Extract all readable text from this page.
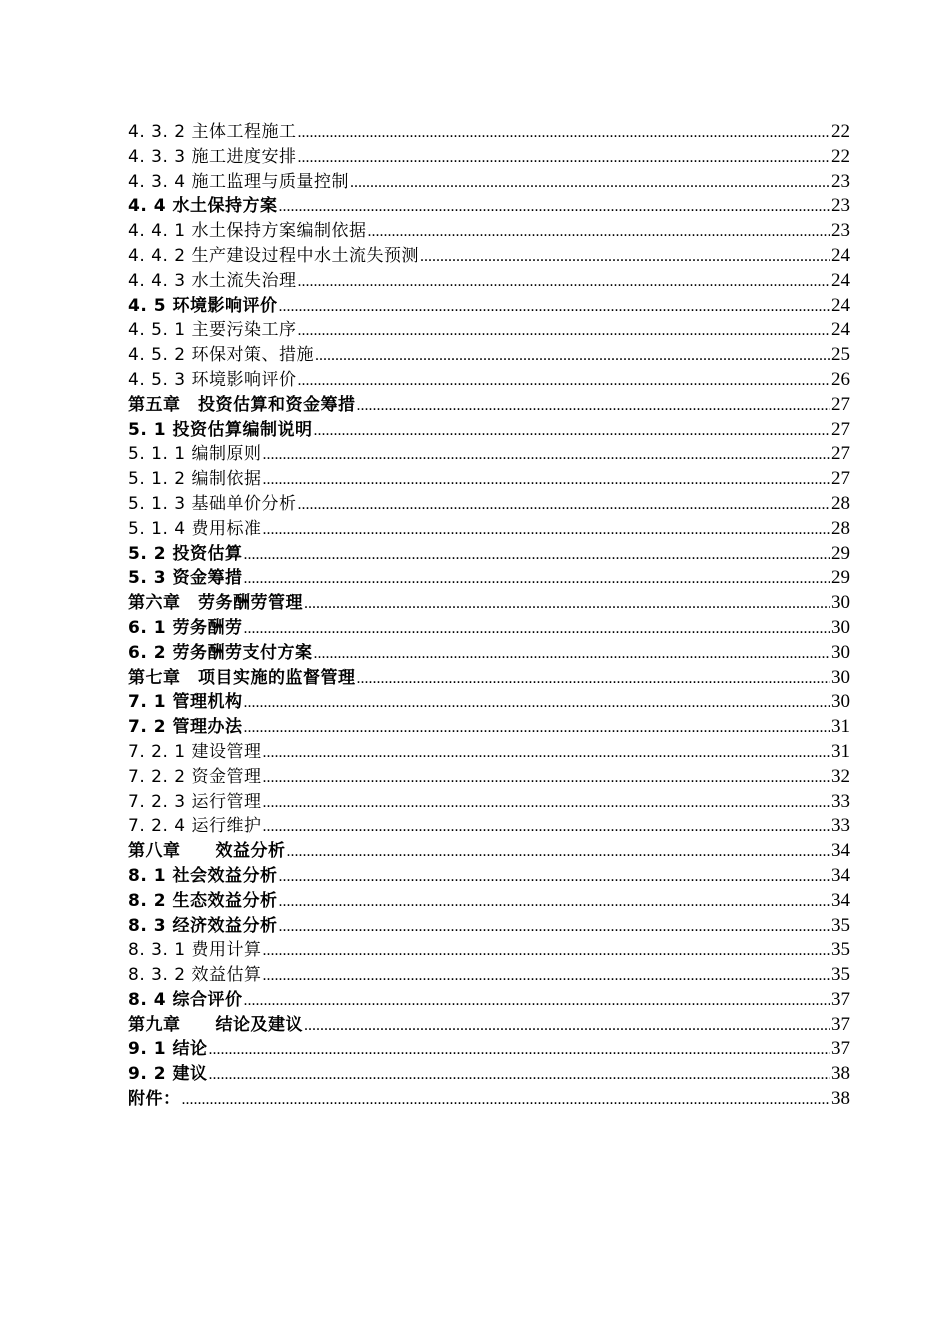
4. 3. 2 主体工程施工 .....	22
4. 3. 3 施工进度安排 .....	22
4. 3. 4 施工监理与质量控制 .....	23
4. 4 水土保持方案 .....	23
4. 4. 1 水土保持方案编制依据 .....	23
4. 4. 2 生产建设过程中水土流失预测 .....	24
4. 4. 3 水土流失治理 .....	24
4. 5 环境影响评价 .....	24
4. 5. 1 主要污染工序 .....	24
4. 5. 2 环保对策、措施 .....	25
4. 5. 3 环境影响评价 .....	26
第五章　投资估算和资金筹措 .....	27
5. 1 投资估算编制说明 .....	27
5. 1. 1 编制原则 .....	27
5. 1. 2 编制依据 .....	27
5. 1. 3 基础单价分析 .....	28
5. 1. 4 费用标准 .....	28
5. 2 投资估算 .....	29
5. 3 资金筹措 .....	29
第六章　劳务酬劳管理 .....	30
6. 1 劳务酬劳 .....	30
6. 2 劳务酬劳支付方案 .....	30
第七章　项目实施的监督管理 .....	30
7. 1 管理机构 .....	30
7. 2 管理办法 .....	31
7. 2. 1 建设管理 .....	31
7. 2. 2 资金管理 .....	32
7. 2. 3 运行管理 .....	33
7. 2. 4 运行维护 .....	33
第八章　　效益分析 .....	34
8. 1 社会效益分析 .....	34
8. 2 生态效益分析 .....	34
8. 3 经济效益分析 .....	35
8. 3. 1 费用计算 .....	35
8. 3. 2 效益估算 .....	35
8. 4 综合评价 .....	37
第九章　　结论及建议 .....	37
9. 1 结论 .....	37
9. 2 建议 .....	38
附件： .....	38
